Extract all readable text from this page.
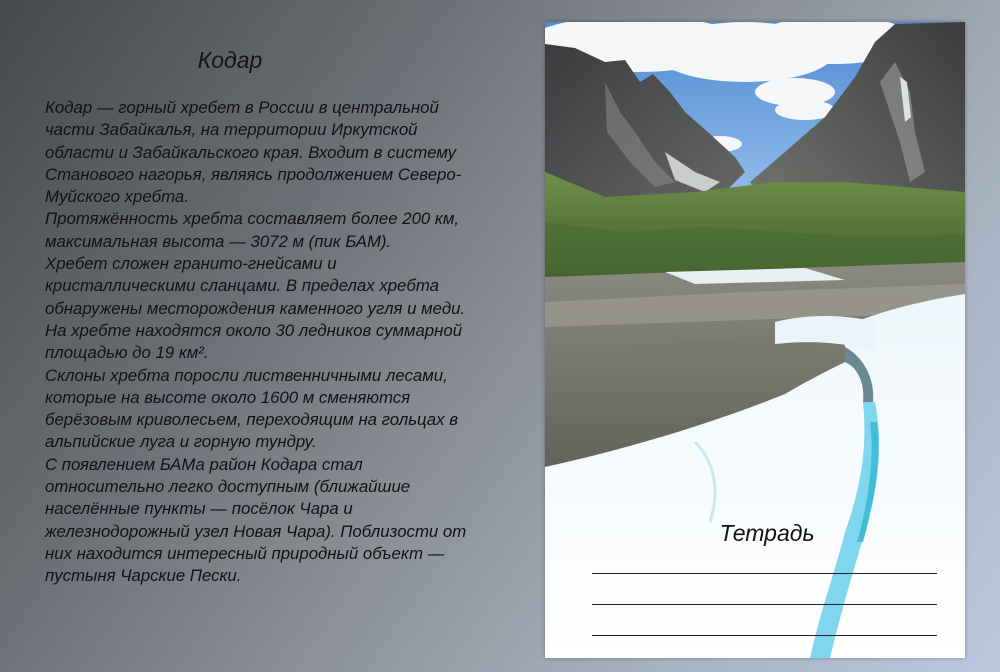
Кодар
Кодар — горный хребет в России в центральной части Забайкалья, на территории Иркутской области и Забайкальского края. Входит в систему Станового нагорья, являясь продолжением Северо-Муйского хребта.
Протяжённость хребта составляет более 200 км, максимальная высота — 3072 м (пик БАМ).
Хребет сложен гранито-гнейсами и кристаллическими сланцами. В пределах хребта обнаружены месторождения каменного угля и меди.
На хребте находятся около 30 ледников суммарной площадью до 19 км².
Склоны хребта поросли лиственничными лесами, которые на высоте около 1600 м сменяются берёзовым криволесьем, переходящим на гольцах в альпийские луга и горную тундру.
С появлением БАМа район Кодара стал относительно легко доступным (ближайшие населённые пункты — посёлок Чара и железнодорожный узел Новая Чара). Поблизости от них находится интересный природный объект — пустыня Чарские Пески.
Тетрадь
